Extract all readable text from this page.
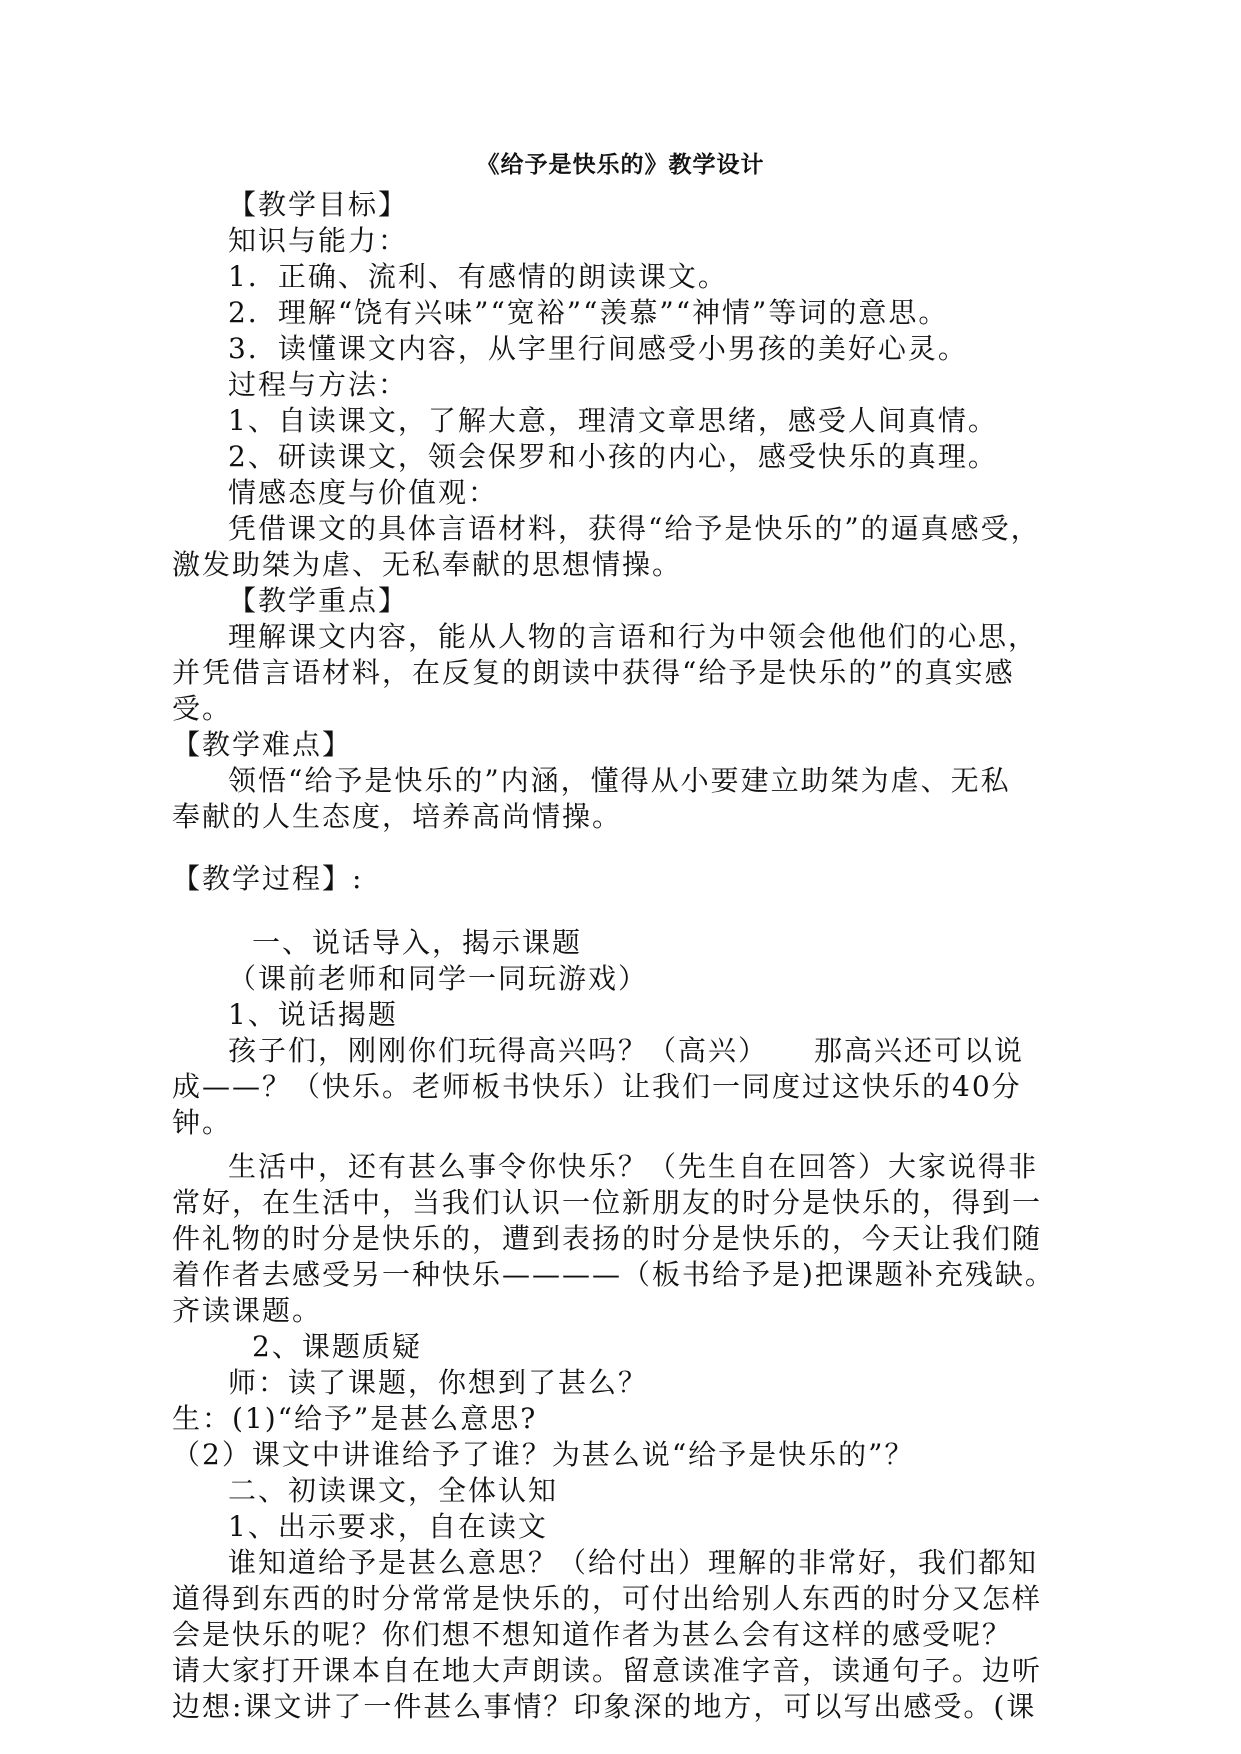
《给予是快乐的》教学设计
【教学目标】
知识与能力：
1．正确、流利、有感情的朗读课文。
2．理解“饶有兴味”“宽裕”“羡慕”“神情”等词的意思。
3．读懂课文内容，从字里行间感受小男孩的美好心灵。
过程与方法：
1、自读课文，了解大意，理清文章思绪，感受人间真情。
2、研读课文，领会保罗和小孩的内心，感受快乐的真理。
情感态度与价值观：
凭借课文的具体言语材料，获得“给予是快乐的”的逼真感受，
激发助桀为虐、无私奉献的思想情操。
【教学重点】
理解课文内容，能从人物的言语和行为中领会他他们的心思，
并凭借言语材料，在反复的朗读中获得“给予是快乐的”的真实感
受。
【教学难点】
领悟“给予是快乐的”内涵，懂得从小要建立助桀为虐、无私
奉献的人生态度，培养高尚情操。
【教学过程】:
一、说话导入，揭示课题
（课前老师和同学一同玩游戏）
1、说话揭题
孩子们，刚刚你们玩得高兴吗？（高兴）　　那高兴还可以说
成——？（快乐。老师板书快乐）让我们一同度过这快乐的40分
钟。
生活中，还有甚么事令你快乐？（先生自在回答）大家说得非
常好，在生活中，当我们认识一位新朋友的时分是快乐的，得到一
件礼物的时分是快乐的，遭到表扬的时分是快乐的，今天让我们随
着作者去感受另一种快乐————（板书给予是)把课题补充残缺。
齐读课题。
2、课题质疑
师：读了课题，你想到了甚么？
生：(1)“给予”是甚么意思?
（2）课文中讲谁给予了谁？为甚么说“给予是快乐的”？
二、初读课文，全体认知
1、出示要求，自在读文
谁知道给予是甚么意思？（给付出）理解的非常好，我们都知
道得到东西的时分常常是快乐的，可付出给别人东西的时分又怎样
会是快乐的呢？你们想不想知道作者为甚么会有这样的感受呢？
请大家打开课本自在地大声朗读。留意读准字音，读通句子。边听
边想:课文讲了一件甚么事情？印象深的地方，可以写出感受。(课
